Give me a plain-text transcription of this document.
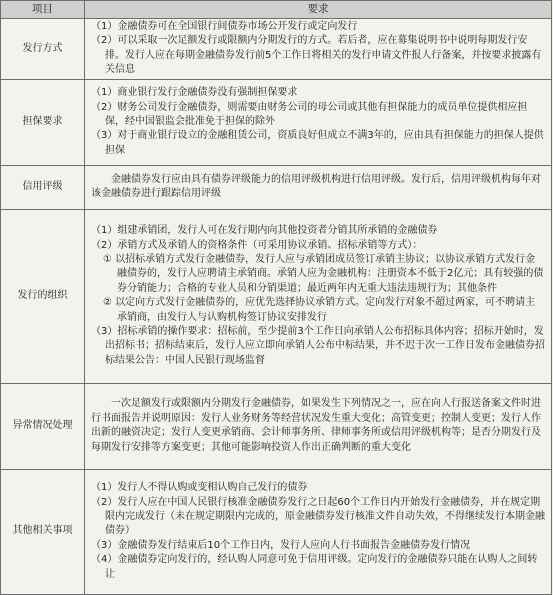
项目	要求
发行方式	（1）金融债券可在全国银行间债券市场公开发行或定向发行
（2）可以采取一次足额发行或限额内分期发行的方式。若后者，应在募集说明书中说明每期发行安排。发行人应在每期金融债券发行前5个工作日将相关的发行申请文件报人行备案，并按要求披露有关信息

担保要求	（1）商业银行发行金融债券没有强制担保要求
（2）财务公司发行金融债券，则需要由财务公司的母公司或其他有担保能力的成员单位提供相应担保，经中国银监会批准免于担保的除外
（3）对于商业银行设立的金融租赁公司，资质良好但成立不满3年的，应由具有担保能力的担保人提供担保

信用评级	金融债券发行应由具有债券评级能力的信用评级机构进行信用评级。发行后，信用评级机构每年对该金融债券进行跟踪信用评级

发行的组织	（1）组建承销团，发行人可在发行期内向其他投资者分销其所承销的金融债券
（2）承销方式及承销人的资格条件（可采用协议承销、招标承销等方式）：
① 以招标承销方式发行金融债券，发行人应与承销团成员签订承销主协议；以协议承销方式发行金融债券的，发行人应聘请主承销商。承销人应为金融机构：注册资本不低于2亿元；具有较强的债券分销能力；合格的专业人员和分销渠道；最近两年内无重大违法违规行为；其他条件
② 以定向方式发行金融债券的，应优先选择协议承销方式。定向发行对象不超过两家，可不聘请主承销商，由发行人与认购机构签订协议安排发行
（3）招标承销的操作要求：招标前，至少提前3个工作日向承销人公布招标具体内容；招标开始时，发出招标书；招标结束后，发行人应立即向承销人公布中标结果，并不迟于次一工作日发布金融债券招标结果公告：中国人民银行现场监督

异常情况处理	一次足额发行或限额内分期发行金融债券，如果发生下列情况之一，应在向人行报送备案文件时进行书面报告并说明原因：发行人业务财务等经营状况发生重大变化；高管变更；控制人变更；发行人作出新的融资决定；发行人变更承销商、会计师事务所、律师事务所或信用评级机构等；是否分期发行及每期发行安排等方案变更；其他可能影响投资人作出正确判断的重大变化

其他相关事项	（1）发行人不得认购或变相认购自己发行的债券
（2）发行人应在中国人民银行核准金融债券发行之日起60个工作日内开始发行金融债券，并在规定期限内完成发行（未在规定期限内完成的，原金融债券发行核准文件自动失效，不得继续发行本期金融债券）
（3）金融债券发行结束后10个工作日内，发行人应向人行书面报告金融债券发行情况
（4）金融债券定向发行的，经认购人同意可免于信用评级。定向发行的金融债券只能在认购人之间转让
